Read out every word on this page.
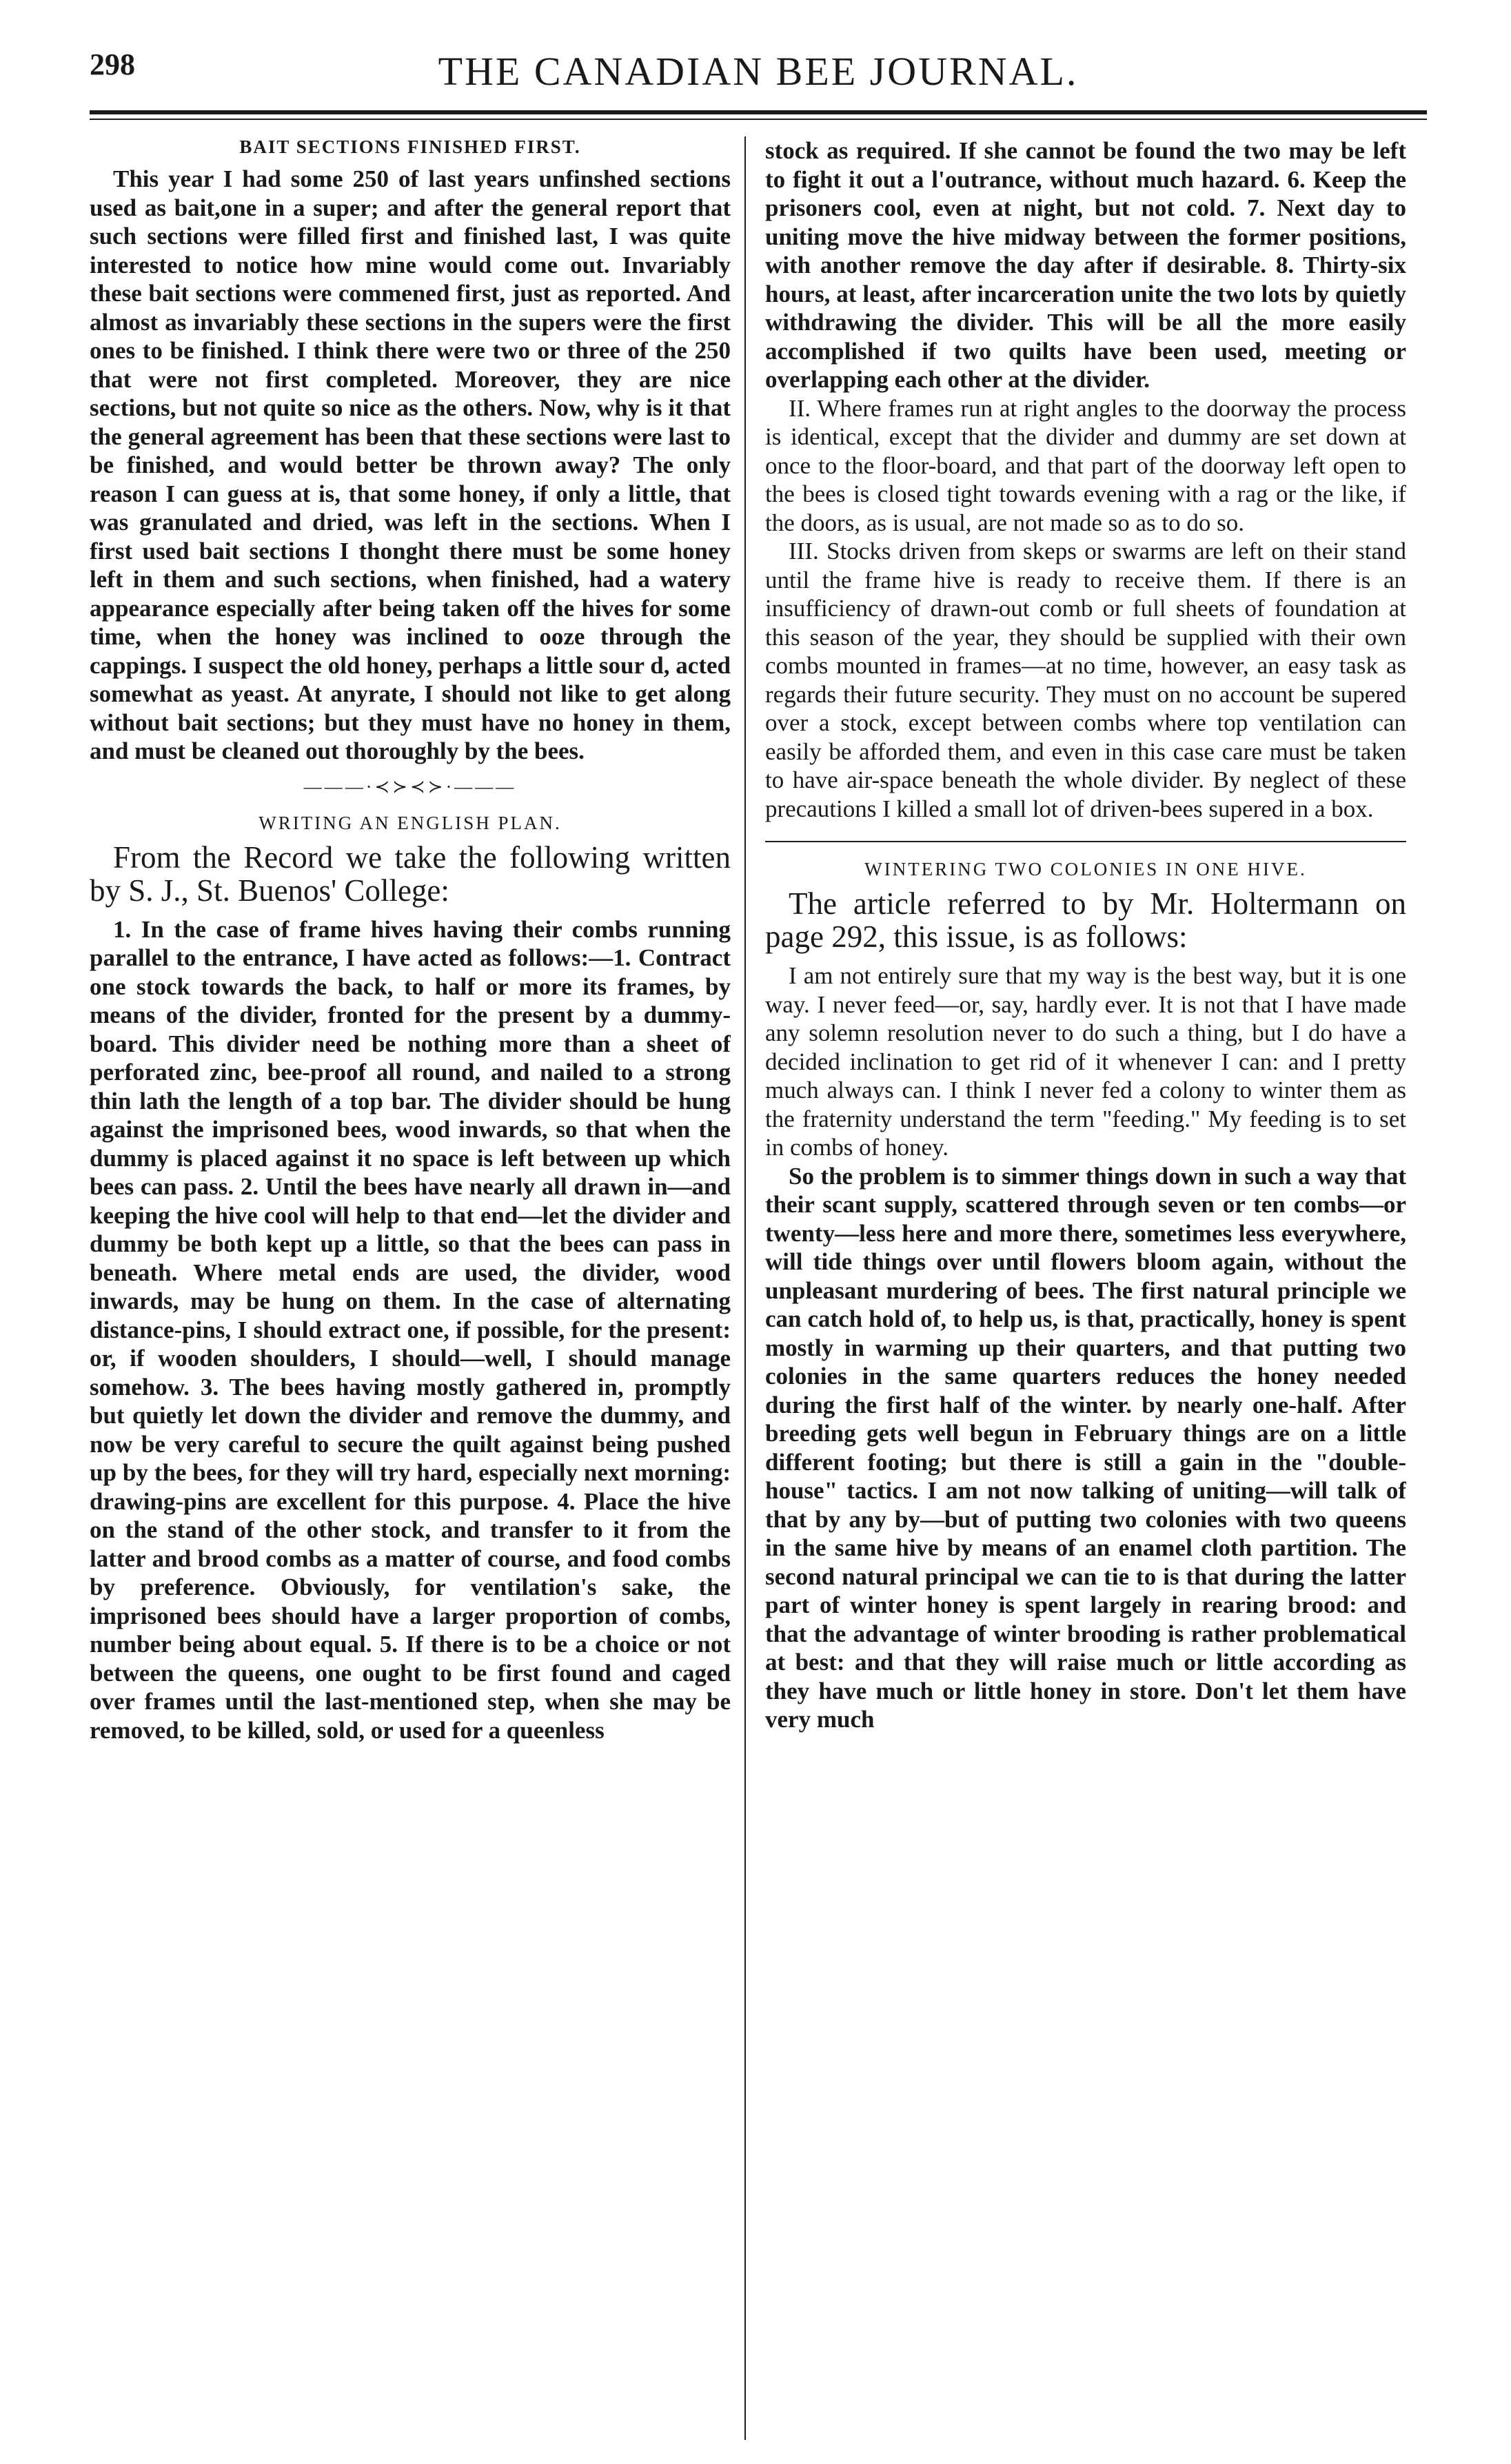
298	THE CANADIAN BEE JOURNAL.
BAIT SECTIONS FINISHED FIRST.

This year I had some 250 of last years unfinshed sections used as bait,one in a super; and after the general report that such sections were filled first and finished last, I was quite interested to notice how mine would come out. Invariably these bait sections were commened first, just as reported. And almost as invariably these sections in the supers were the first ones to be finished. I think there were two or three of the 250 that were not first completed. Moreover, they are nice sections, but not quite so nice as the others. Now, why is it that the general agreement has been that these sections were last to be finished, and would better be thrown away? The only reason I can guess at is, that some honey, if only a little, that was granulated and dried, was left in the sections. When I first used bait sections I thonght there must be some honey left in them and such sections, when finished, had a watery appearance especially after being taken off the hives for some time, when the honey was inclined to ooze through the cappings. I suspect the old honey, perhaps a little sour d, acted somewhat as yeast. At anyrate, I should not like to get along without bait sections; but they must have no honey in them, and must be cleaned out thoroughly by the bees.

———·≺≻≺≻·———
WRITING AN ENGLISH PLAN.

From the Record we take the following written by S. J., St. Buenos' College:

1. In the case of frame hives having their combs running parallel to the entrance, I have acted as follows:—1. Contract one stock towards the back, to half or more its frames, by means of the divider, fronted for the present by a dummy-board. This divider need be nothing more than a sheet of perforated zinc, bee-proof all round, and nailed to a strong thin lath the length of a top bar. The divider should be hung against the imprisoned bees, wood inwards, so that when the dummy is placed against it no space is left between up which bees can pass. 2. Until the bees have nearly all drawn in—and keeping the hive cool will help to that end—let the divider and dummy be both kept up a little, so that the bees can pass in beneath. Where metal ends are used, the divider, wood inwards, may be hung on them. In the case of alternating distance-pins, I should extract one, if possible, for the present: or, if wooden shoulders, I should—well, I should manage somehow. 3. The bees having mostly gathered in, promptly but quietly let down the divider and remove the dummy, and now be very careful to secure the quilt against being pushed up by the bees, for they will try hard, especially next morning: drawing-pins are excellent for this purpose. 4. Place the hive on the stand of the other stock, and transfer to it from the latter and brood combs as a matter of course, and food combs by preference. Obviously, for ventilation's sake, the imprisoned bees should have a larger proportion of combs, number being about equal. 5. If there is to be a choice or not between the queens, one ought to be first found and caged over frames until the last-mentioned step, when she may be removed, to be killed, sold, or used for a queenless

stock as required. If she cannot be found the two may be left to fight it out a l'outrance, without much hazard. 6. Keep the prisoners cool, even at night, but not cold. 7. Next day to uniting move the hive midway between the former positions, with another remove the day after if desirable. 8. Thirty-six hours, at least, after incarceration unite the two lots by quietly withdrawing the divider. This will be all the more easily accomplished if two quilts have been used, meeting or overlapping each other at the divider.

II. Where frames run at right angles to the doorway the process is identical, except that the divider and dummy are set down at once to the floor-board, and that part of the doorway left open to the bees is closed tight towards evening with a rag or the like, if the doors, as is usual, are not made so as to do so.

III. Stocks driven from skeps or swarms are left on their stand until the frame hive is ready to receive them. If there is an insufficiency of drawn-out comb or full sheets of foundation at this season of the year, they should be supplied with their own combs mounted in frames—at no time, however, an easy task as regards their future security. They must on no account be supered over a stock, except between combs where top ventilation can easily be afforded them, and even in this case care must be taken to have air-space beneath the whole divider. By neglect of these precautions I killed a small lot of driven-bees supered in a box.

WINTERING TWO COLONIES IN ONE HIVE.

The article referred to by Mr. Holtermann on page 292, this issue, is as follows:

I am not entirely sure that my way is the best way, but it is one way. I never feed—or, say, hardly ever. It is not that I have made any solemn resolution never to do such a thing, but I do have a decided inclination to get rid of it whenever I can: and I pretty much always can. I think I never fed a colony to winter them as the fraternity understand the term "feeding." My feeding is to set in combs of honey.

So the problem is to simmer things down in such a way that their scant supply, scattered through seven or ten combs—or twenty—less here and more there, sometimes less everywhere, will tide things over until flowers bloom again, without the unpleasant murdering of bees. The first natural principle we can catch hold of, to help us, is that, practically, honey is spent mostly in warming up their quarters, and that putting two colonies in the same quarters reduces the honey needed during the first half of the winter. by nearly one-half. After breeding gets well begun in February things are on a little different footing; but there is still a gain in the "double-house" tactics. I am not now talking of uniting—will talk of that by any by—but of putting two colonies with two queens in the same hive by means of an enamel cloth partition. The second natural principal we can tie to is that during the latter part of winter honey is spent largely in rearing brood: and that the advantage of winter brooding is rather problematical at best: and that they will raise much or little according as they have much or little honey in store. Don't let them have very much
